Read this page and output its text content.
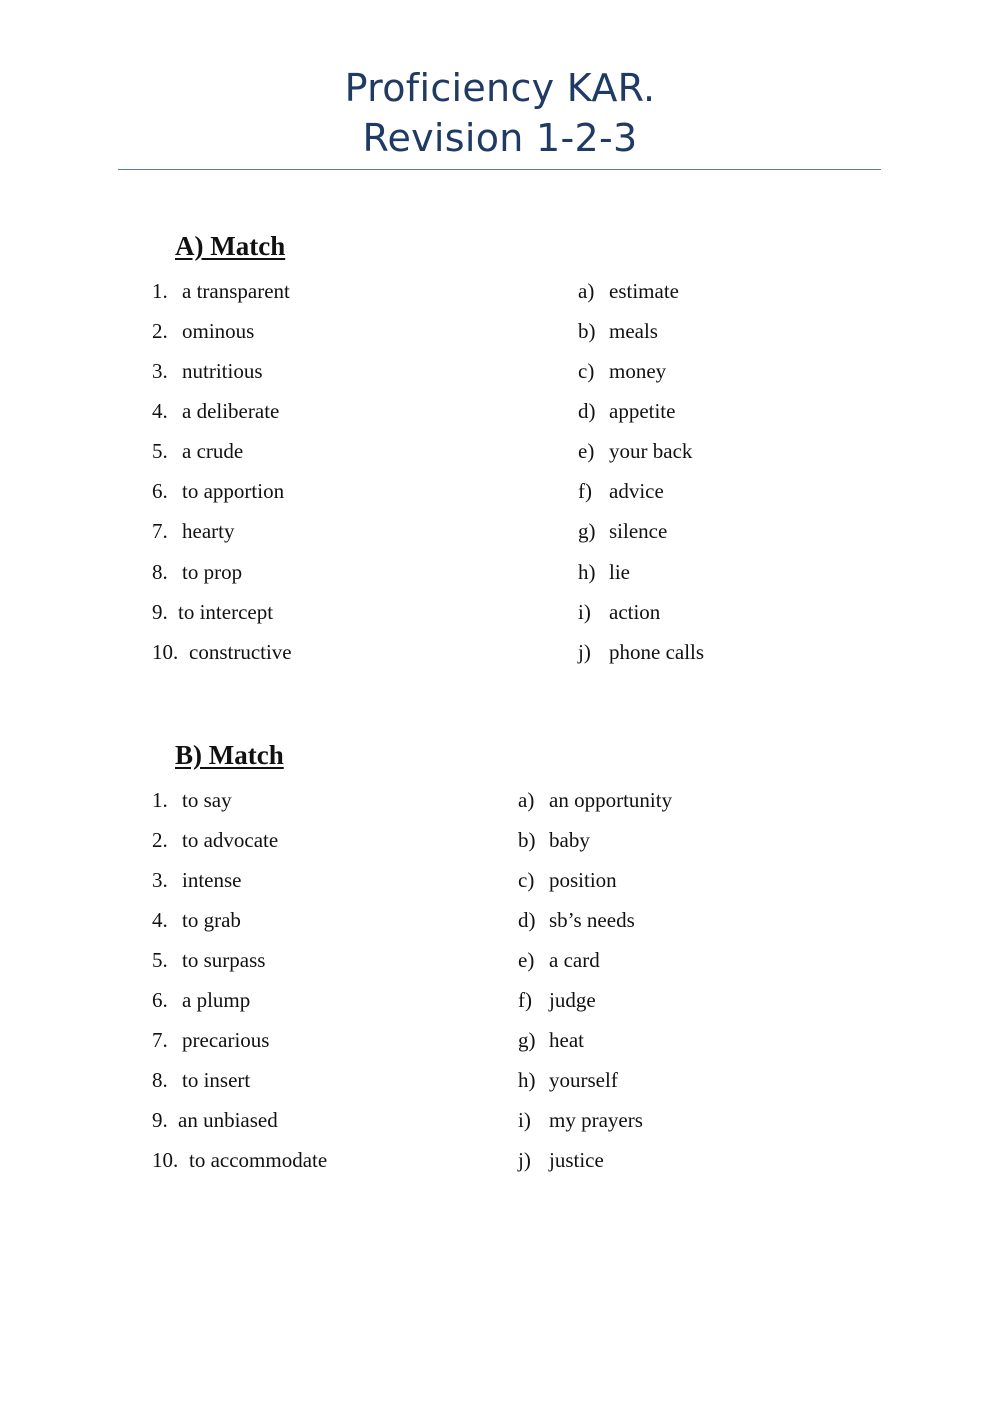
Proficiency KAR.
Revision 1-2-3
A) Match
1. a transparent	a) estimate
2. ominous	b) meals
3. nutritious	c) money
4. a deliberate	d) appetite
5. a crude	e) your back
6. to apportion	f) advice
7. hearty	g) silence
8. to prop	h) lie
9. to intercept	i) action
10. constructive	j) phone calls
B) Match
1. to say	a) an opportunity
2. to advocate	b) baby
3. intense	c) position
4. to grab	d) sb’s needs
5. to surpass	e) a card
6. a plump	f) judge
7. precarious	g) heat
8. to insert	h) yourself
9. an unbiased	i) my prayers
10. to accommodate	j) justice
